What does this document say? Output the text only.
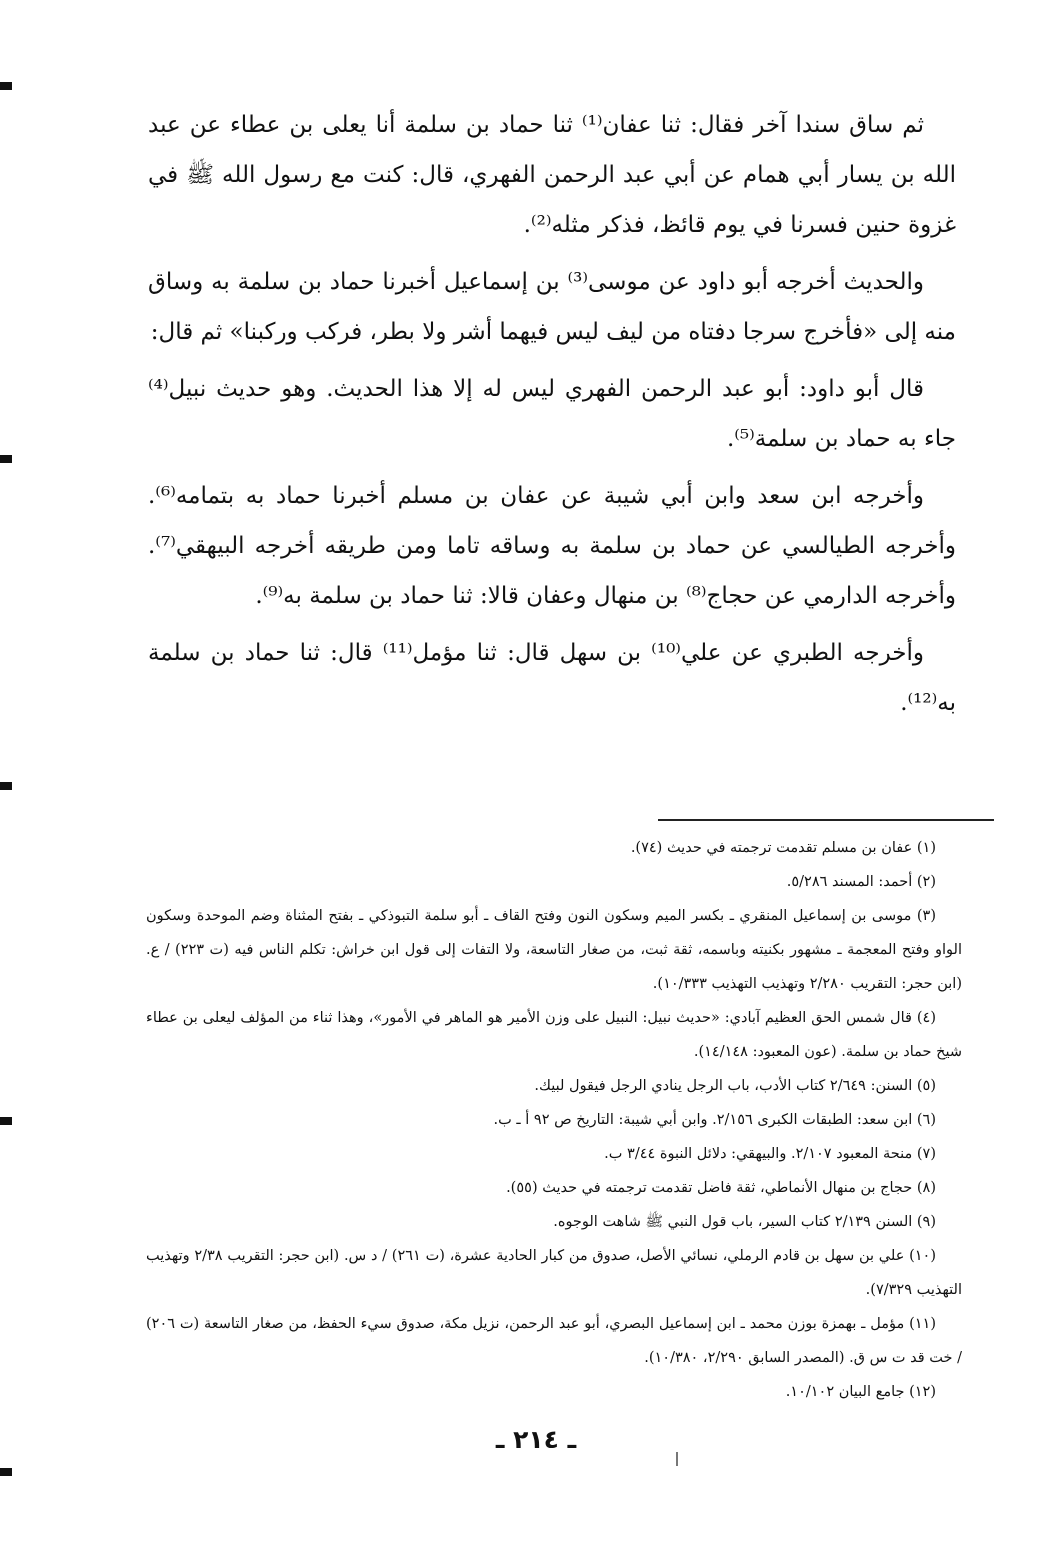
ثم ساق سندا آخر فقال: ثنا عفان⁽¹⁾ ثنا حماد بن سلمة أنا يعلى بن عطاء عن عبد الله بن يسار أبي همام عن أبي عبد الرحمن الفهري، قال: كنت مع رسول الله ﷺ في غزوة حنين فسرنا في يوم قائظ، فذكر مثله⁽²⁾.

والحديث أخرجه أبو داود عن موسى⁽³⁾ بن إسماعيل أخبرنا حماد بن سلمة به وساق منه إلى «فأخرج سرجا دفتاه من ليف ليس فيهما أشر ولا بطر، فركب وركبنا» ثم قال:

قال أبو داود: أبو عبد الرحمن الفهري ليس له إلا هذا الحديث. وهو حديث نبيل⁽⁴⁾ جاء به حماد بن سلمة⁽⁵⁾.

وأخرجه ابن سعد وابن أبي شيبة عن عفان بن مسلم أخبرنا حماد به بتمامه⁽⁶⁾. وأخرجه الطيالسي عن حماد بن سلمة به وساقه تاما ومن طريقه أخرجه البيهقي⁽⁷⁾. وأخرجه الدارمي عن حجاج⁽⁸⁾ بن منهال وعفان قالا: ثنا حماد بن سلمة به⁽⁹⁾.

وأخرجه الطبري عن علي⁽¹⁰⁾ بن سهل قال: ثنا مؤمل⁽¹¹⁾ قال: ثنا حماد بن سلمة به⁽¹²⁾.

(١) عفان بن مسلم تقدمت ترجمته في حديث (٧٤).

(٢) أحمد: المسند ٥/٢٨٦.

(٣) موسى بن إسماعيل المنقري ـ بكسر الميم وسكون النون وفتح القاف ـ أبو سلمة التبوذكي ـ بفتح المثناة وضم الموحدة وسكون الواو وفتح المعجمة ـ مشهور بكنيته وباسمه، ثقة ثبت، من صغار التاسعة، ولا التفات إلى قول ابن خراش: تكلم الناس فيه (ت ٢٢٣) / ع. (ابن حجر: التقريب ٢/٢٨٠ وتهذيب التهذيب ١٠/٣٣٣).

(٤) قال شمس الحق العظيم آبادي: «حديث نبيل: النبيل على وزن الأمير هو الماهر في الأمور»، وهذا ثناء من المؤلف ليعلى بن عطاء شيخ حماد بن سلمة. (عون المعبود: ١٤/١٤٨).

(٥) السنن: ٢/٦٤٩ كتاب الأدب، باب الرجل ينادي الرجل فيقول لبيك.

(٦) ابن سعد: الطبقات الكبرى ٢/١٥٦. وابن أبي شيبة: التاريخ ص ٩٢ أ ـ ب.

(٧) منحة المعبود ٢/١٠٧. والبيهقي: دلائل النبوة ٣/٤٤ ب.

(٨) حجاج بن منهال الأنماطي، ثقة فاضل تقدمت ترجمته في حديث (٥٥).

(٩) السنن ٢/١٣٩ كتاب السير، باب قول النبي ﷺ شاهت الوجوه.

(١٠) علي بن سهل بن قادم الرملي، نسائي الأصل، صدوق من كبار الحادية عشرة، (ت ٢٦١) / د س. (ابن حجر: التقريب ٢/٣٨ وتهذيب التهذيب ٧/٣٢٩).

(١١) مؤمل ـ بهمزة بوزن محمد ـ ابن إسماعيل البصري، أبو عبد الرحمن، نزيل مكة، صدوق سيء الحفظ، من صغار التاسعة (ت ٢٠٦) / خت قد ت س ق. (المصدر السابق ٢/٢٩٠، ١٠/٣٨٠).

(١٢) جامع البيان ١٠/١٠٢.

ـ ٢١٤ ـ
